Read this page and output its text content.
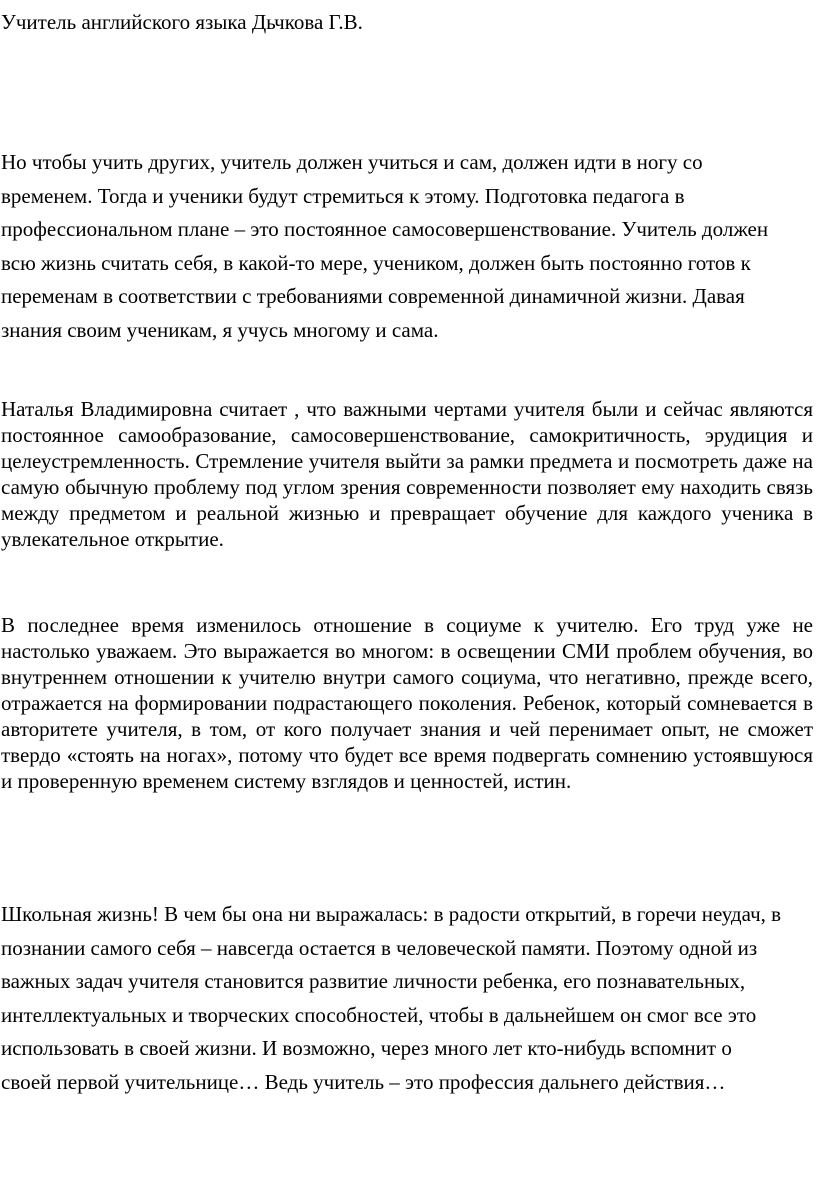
Учитель английского языка Дьчкова Г.В.

Но чтобы учить других, учитель должен учиться и сам, должен идти в ногу со временем. Тогда и ученики будут стремиться к этому. Подготовка педагога в профессиональном плане – это постоянное самосовершенствование. Учитель должен всю жизнь считать себя, в какой-то мере, учеником, должен быть постоянно готов к переменам в соответствии с требованиями современной динамичной жизни. Давая знания своим ученикам, я учусь многому и сама.

Наталья Владимировна считает , что важными чертами учителя были и сейчас являются постоянное самообразование, самосовершенствование, самокритичность, эрудиция и целеустремленность. Стремление учителя выйти за рамки предмета и посмотреть даже на самую обычную проблему под углом зрения современности позволяет ему находить связь между предметом и реальной жизнью и превращает обучение для каждого ученика в увлекательное открытие.

В последнее время изменилось отношение в социуме к учителю. Его труд уже не настолько уважаем. Это выражается во многом: в освещении СМИ проблем обучения, во внутреннем отношении к учителю внутри самого социума, что негативно, прежде всего, отражается на формировании подрастающего поколения. Ребенок, который сомневается в авторитете учителя, в том, от кого получает знания и чей перенимает опыт, не сможет твердо «стоять на ногах», потому что будет все время подвергать сомнению устоявшуюся и проверенную временем систему взглядов и ценностей, истин.

Школьная жизнь! В чем бы она ни выражалась: в радости открытий, в горечи неудач, в познании самого себя – навсегда остается в человеческой памяти. Поэтому одной из важных задач учителя становится развитие личности ребенка, его познавательных, интеллектуальных и творческих способностей, чтобы в дальнейшем он смог все это использовать в своей жизни. И возможно, через много лет кто-нибудь вспомнит о своей первой учительнице… Ведь учитель – это профессия дальнего действия…
